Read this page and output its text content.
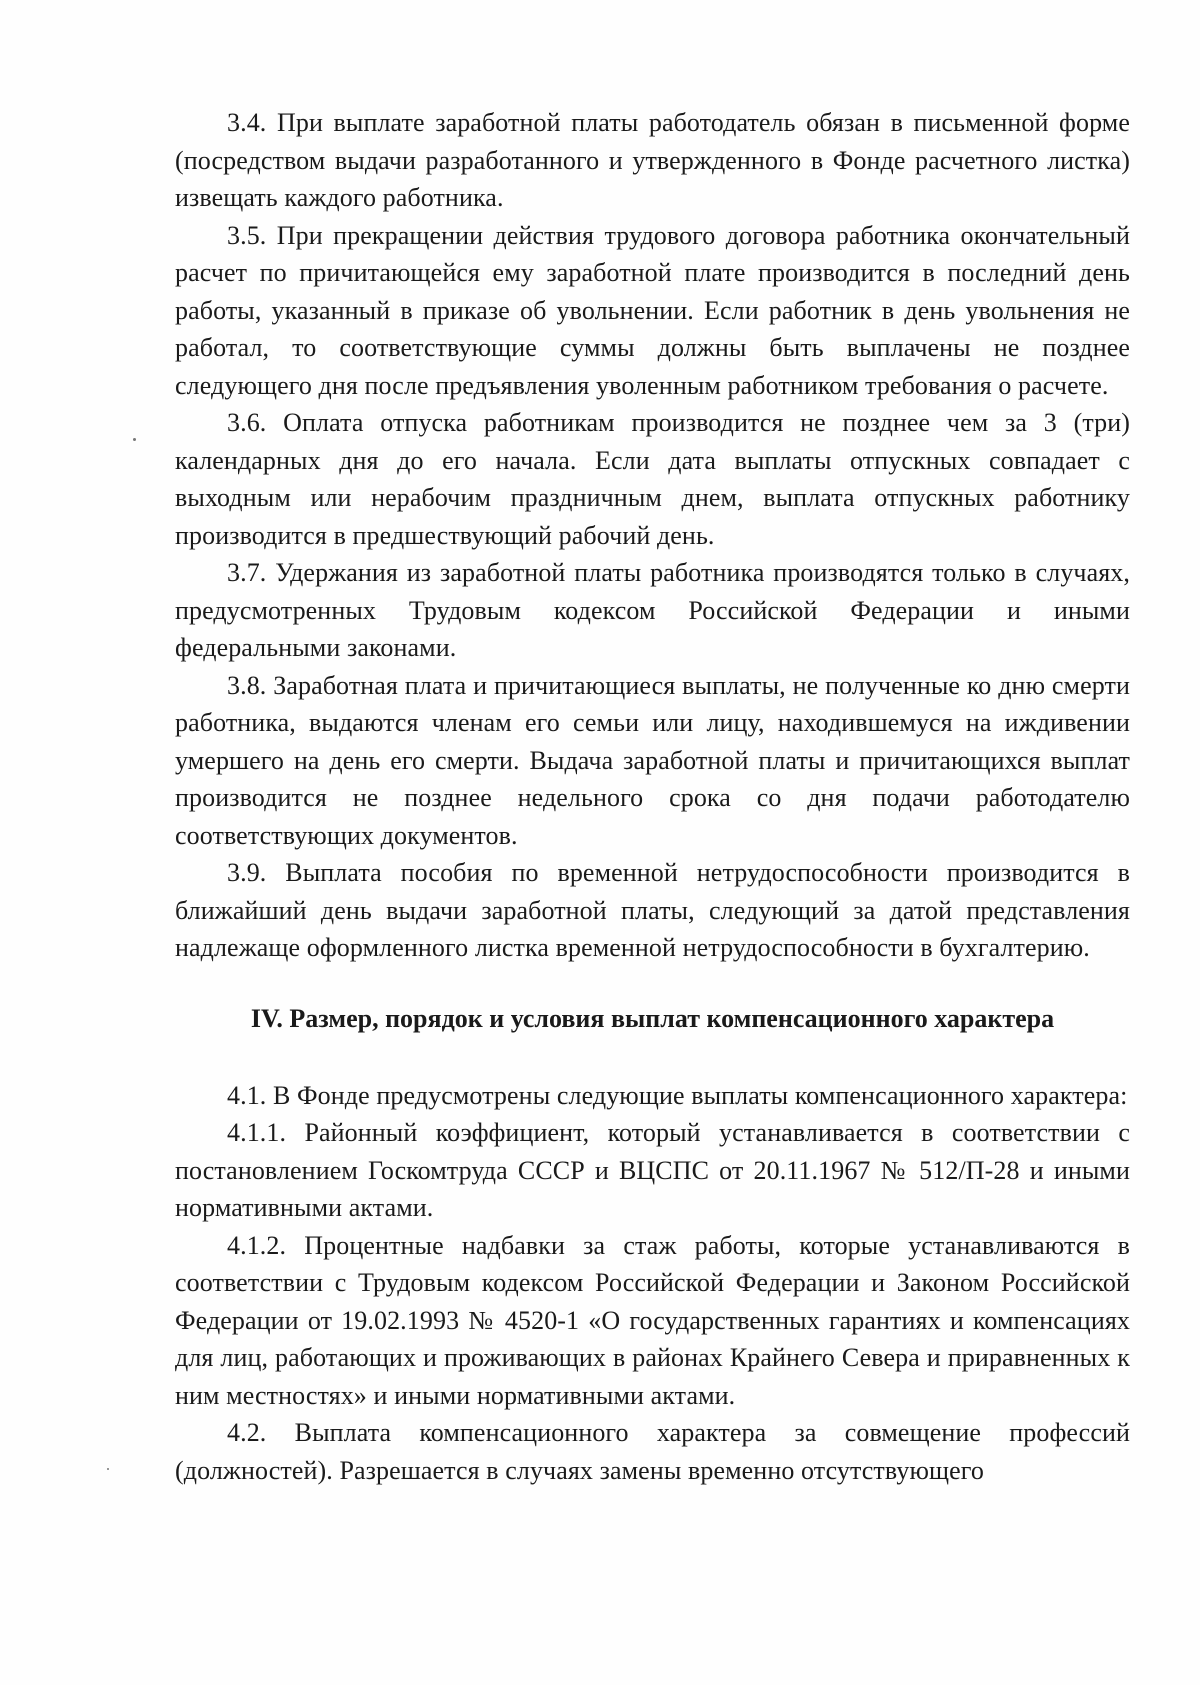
3.4. При выплате заработной платы работодатель обязан в письменной форме (посредством выдачи разработанного и утвержденного в Фонде расчетного листка) извещать каждого работника.

3.5. При прекращении действия трудового договора работника окончательный расчет по причитающейся ему заработной плате производится в последний день работы, указанный в приказе об увольнении. Если работник в день увольнения не работал, то соответствующие суммы должны быть выплачены не позднее следующего дня после предъявления уволенным работником требования о расчете.

3.6. Оплата отпуска работникам производится не позднее чем за 3 (три) календарных дня до его начала. Если дата выплаты отпускных совпадает с выходным или нерабочим праздничным днем, выплата отпускных работнику производится в предшествующий рабочий день.

3.7. Удержания из заработной платы работника производятся только в случаях, предусмотренных Трудовым кодексом Российской Федерации и иными федеральными законами.

3.8. Заработная плата и причитающиеся выплаты, не полученные ко дню смерти работника, выдаются членам его семьи или лицу, находившемуся на иждивении умершего на день его смерти. Выдача заработной платы и причитающихся выплат производится не позднее недельного срока со дня подачи работодателю соответствующих документов.

3.9. Выплата пособия по временной нетрудоспособности производится в ближайший день выдачи заработной платы, следующий за датой представления надлежаще оформленного листка временной нетрудоспособности в бухгалтерию.

IV. Размер, порядок и условия выплат компенсационного характера

4.1. В Фонде предусмотрены следующие выплаты компенсационного характера:

4.1.1. Районный коэффициент, который устанавливается в соответствии с постановлением Госкомтруда СССР и ВЦСПС от 20.11.1967 № 512/П-28 и иными нормативными актами.

4.1.2. Процентные надбавки за стаж работы, которые устанавливаются в соответствии с Трудовым кодексом Российской Федерации и Законом Российской Федерации от 19.02.1993 № 4520-1 «О государственных гарантиях и компенсациях для лиц, работающих и проживающих в районах Крайнего Севера и приравненных к ним местностях» и иными нормативными актами.

4.2. Выплата компенсационного характера за совмещение профессий (должностей). Разрешается в случаях замены временно отсутствующего
